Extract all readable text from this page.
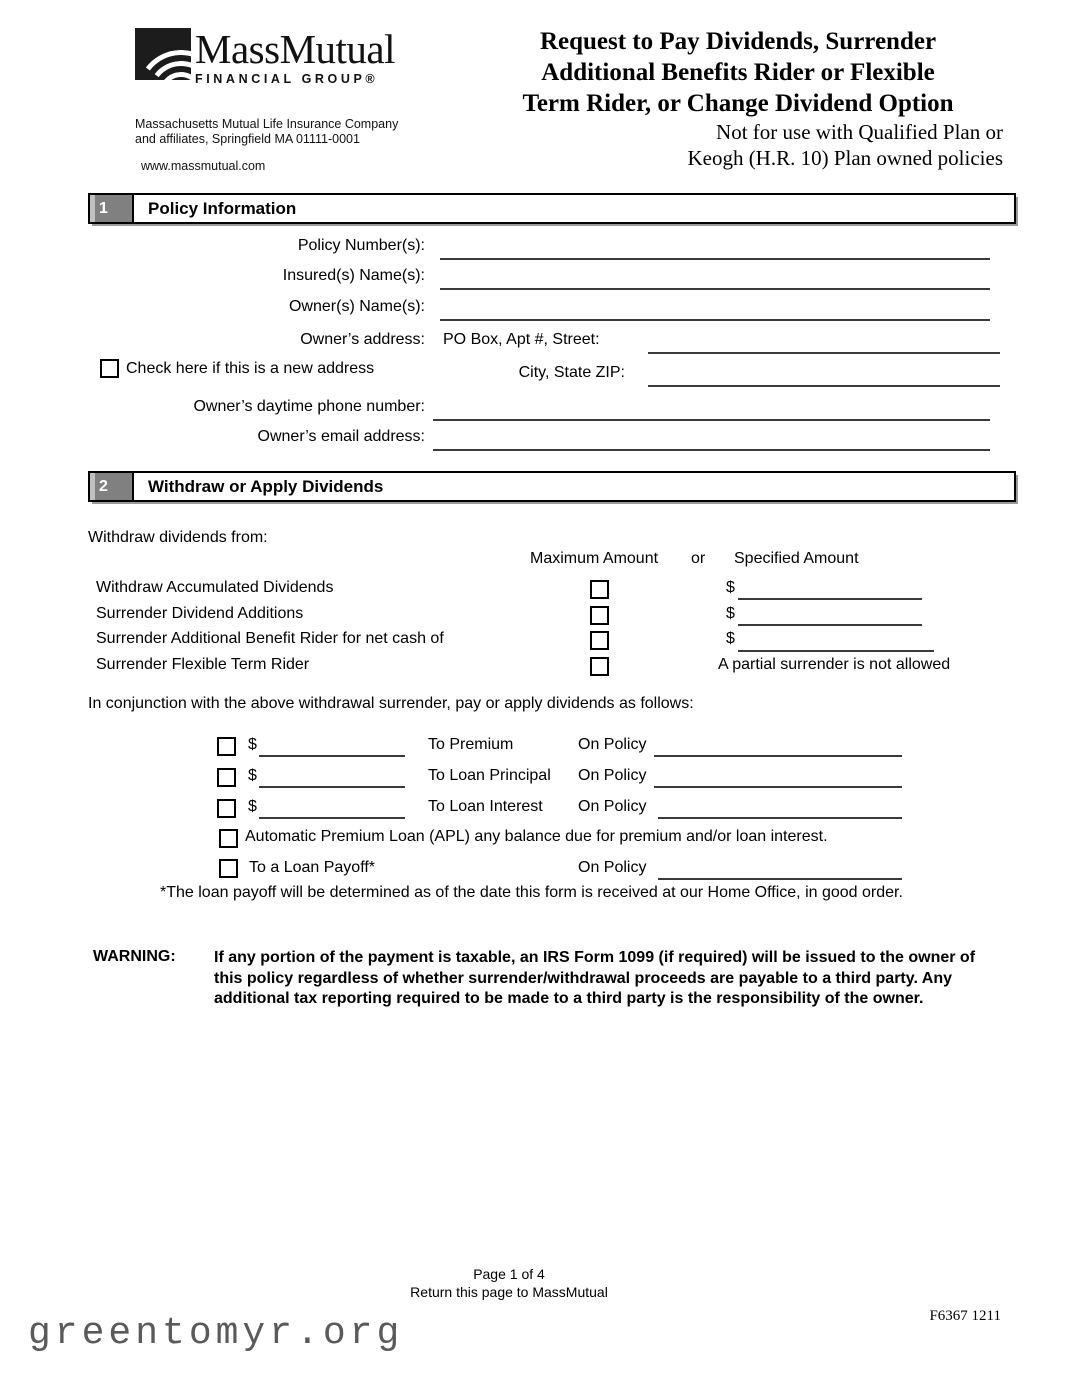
MassMutual
FINANCIAL GROUP®
Massachusetts Mutual Life Insurance Company
and affiliates, Springfield MA 01111-0001
www.massmutual.com
Request to Pay Dividends, Surrender
Additional Benefits Rider or Flexible
Term Rider, or Change Dividend Option
Not for use with Qualified Plan or
Keogh (H.R. 10) Plan owned policies
1	Policy Information
Policy Number(s):
Insured(s) Name(s):
Owner(s) Name(s):
Owner’s address: PO Box, Apt #, Street:
Check here if this is a new address	City, State ZIP:
Owner’s daytime phone number:
Owner’s email address:
2	Withdraw or Apply Dividends
Withdraw dividends from:
Maximum Amount or Specified Amount
Withdraw Accumulated Dividends	$
Surrender Dividend Additions	$
Surrender Additional Benefit Rider for net cash of	$
Surrender Flexible Term Rider	A partial surrender is not allowed
In conjunction with the above withdrawal surrender, pay or apply dividends as follows:
$	To Premium	On Policy
$	To Loan Principal On Policy
$	To Loan Interest On Policy
Automatic Premium Loan (APL) any balance due for premium and/or loan interest.
To a Loan Payoff*	On Policy
*The loan payoff will be determined as of the date this form is received at our Home Office, in good order.
WARNING: If any portion of the payment is taxable, an IRS Form 1099 (if required) will be issued to the owner of this policy regardless of whether surrender/withdrawal proceeds are payable to a third party. Any additional tax reporting required to be made to a third party is the responsibility of the owner.
Page 1 of 4
Return this page to MassMutual
F6367 1211
greentomyr.org
